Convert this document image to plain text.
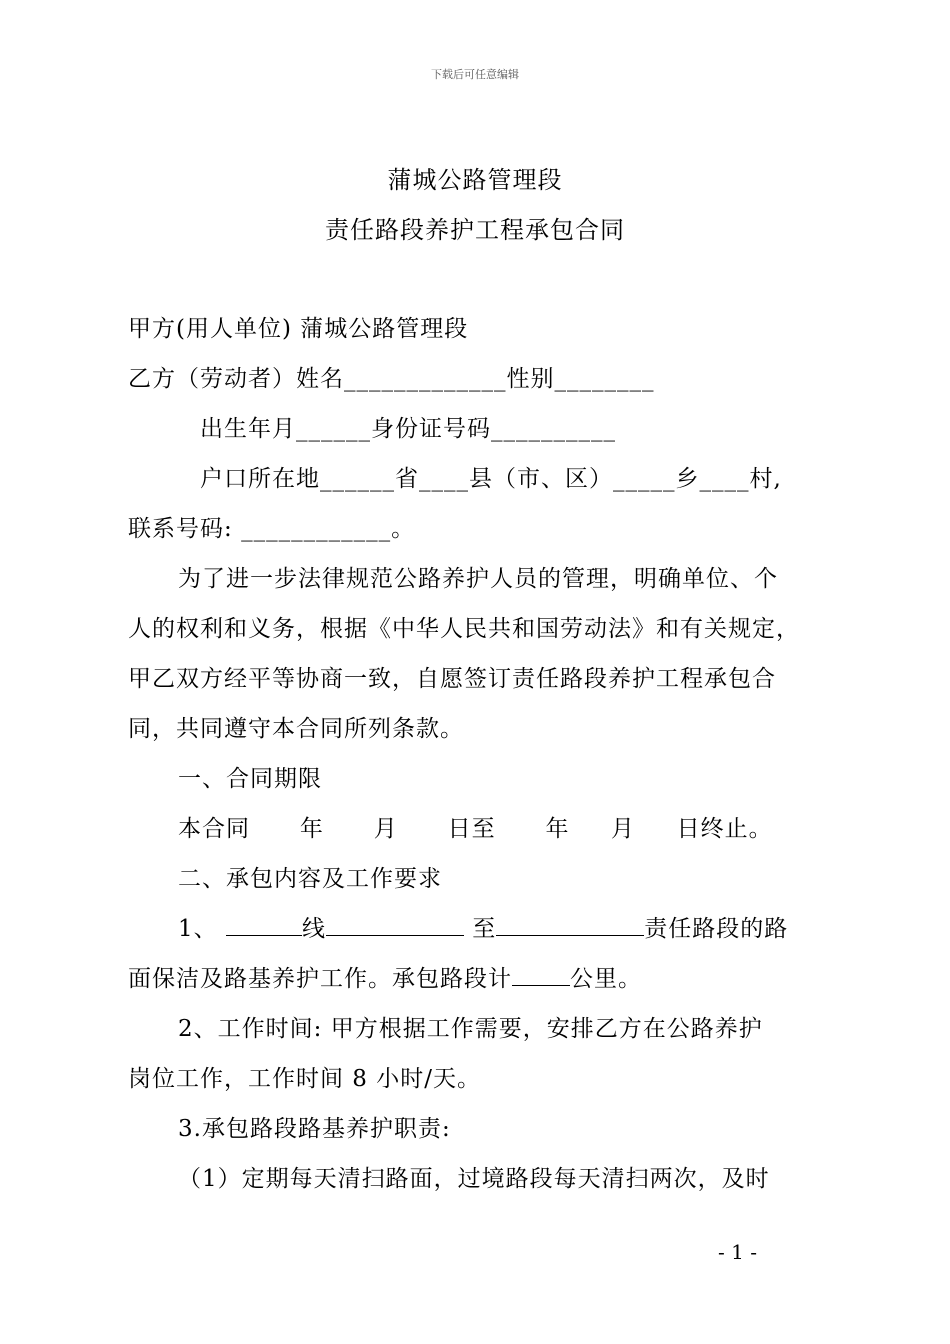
下载后可任意编辑
蒲城公路管理段
责任路段养护工程承包合同
甲方(用人单位) 蒲城公路管理段
乙方（劳动者）姓名_____________性别________
出生年月______身份证号码__________
户口所在地______省____县（市、区）_____乡____村,
联系号码: ____________。
为了进一步法律规范公路养护人员的管理，明确单位、个
人的权利和义务，根据《中华人民共和国劳动法》和有关规定，
甲乙双方经平等协商一致，自愿签订责任路段养护工程承包合
同，共同遵守本合同所列条款。
一、合同期限
本合同      年      月      日至      年     月     日终止。
二、承包内容及工作要求
1、	线	至	责任路段的路
面保洁及路基养护工作。承包路段计	公里。
2、工作时间: 甲方根据工作需要，安排乙方在公路养护
岗位工作，工作时间 8 小时/天。
3.承包路段路基养护职责:
（1）定期每天清扫路面，过境路段每天清扫两次，及时
- 1 -
